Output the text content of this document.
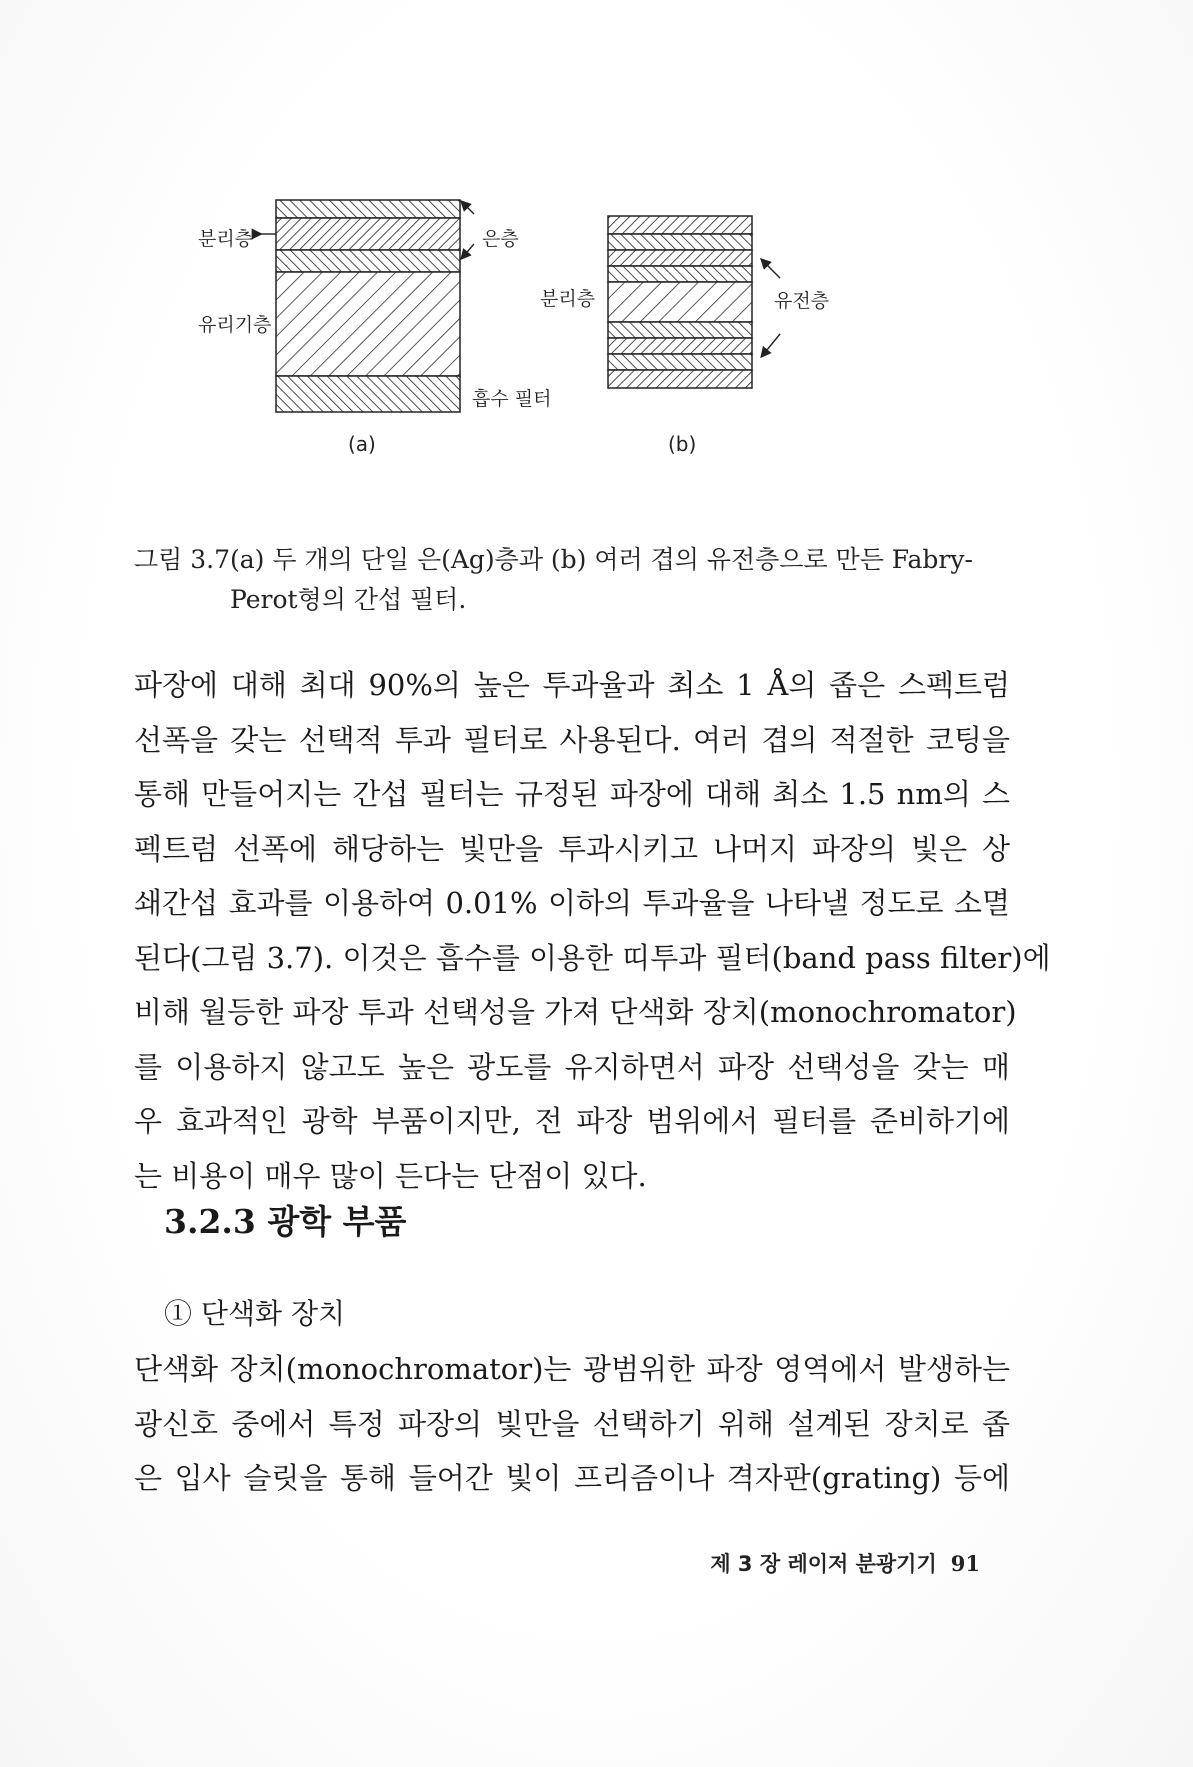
분리층	은층
유리기층
흡수 필터
분리층	유전층
(a)	(b)
그림 3.7(a) 두 개의 단일 은(Ag)층과 (b) 여러 겹의 유전층으로 만든 Fabry-
Perot형의 간섭 필터.
파장에 대해 최대 90%의 높은 투과율과 최소 1 Å의 좁은 스펙트럼
선폭을 갖는 선택적 투과 필터로 사용된다. 여러 겹의 적절한 코팅을
통해 만들어지는 간섭 필터는 규정된 파장에 대해 최소 1.5 nm의 스
펙트럼 선폭에 해당하는 빛만을 투과시키고 나머지 파장의 빛은 상
쇄간섭 효과를 이용하여 0.01% 이하의 투과율을 나타낼 정도로 소멸
된다(그림 3.7). 이것은 흡수를 이용한 띠투과 필터(band pass filter)에
비해 월등한 파장 투과 선택성을 가져 단색화 장치(monochromator)
를 이용하지 않고도 높은 광도를 유지하면서 파장 선택성을 갖는 매
우 효과적인 광학 부품이지만, 전 파장 범위에서 필터를 준비하기에
는 비용이 매우 많이 든다는 단점이 있다.
3.2.3 광학 부품
① 단색화 장치
단색화 장치(monochromator)는 광범위한 파장 영역에서 발생하는
광신호 중에서 특정 파장의 빛만을 선택하기 위해 설계된 장치로 좁
은 입사 슬릿을 통해 들어간 빛이 프리즘이나 격자판(grating) 등에
제 3 장 레이저 분광기기 91
